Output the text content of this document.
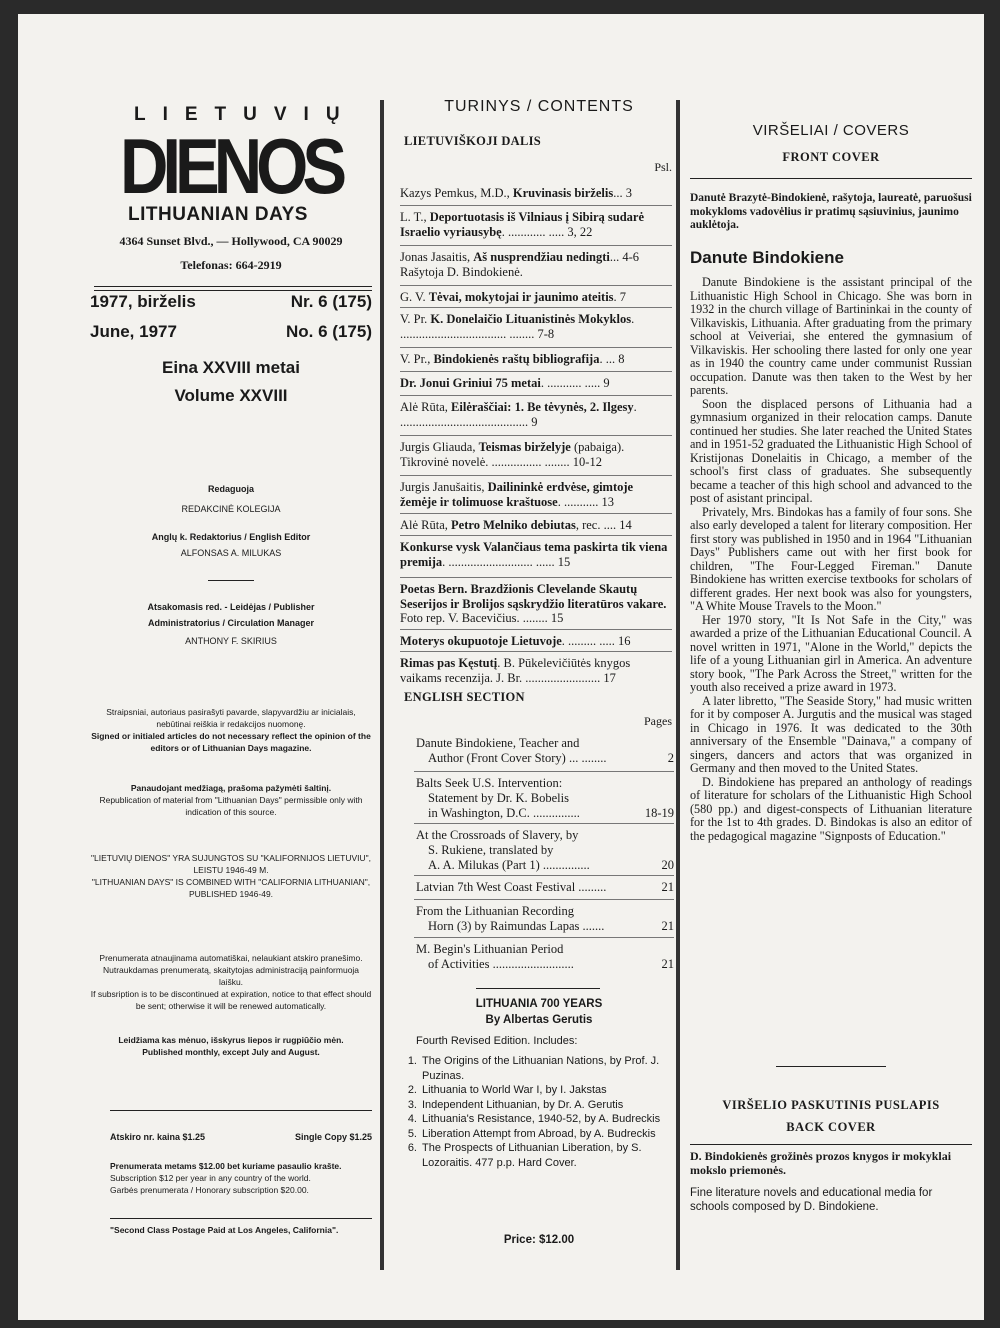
LIETUVIŲ
DIENOS
LITHUANIAN DAYS
4364 Sunset Blvd., — Hollywood, CA 90029
Telefonas: 664-2919
1977, birželis	Nr. 6 (175)
June, 1977	No. 6 (175)
Eina XXVIII metai
Volume XXVIII
Redaguoja
REDAKCINĖ KOLEGIJA
Anglų k. Redaktorius / English Editor
ALFONSAS A. MILUKAS
Atsakomasis red. - Leidėjas / Publisher
Administratorius / Circulation Manager
ANTHONY F. SKIRIUS
Straipsniai, autoriaus pasirašyti pavarde, slapyvardžiu ar inicialais, nebūtinai reiškia ir redakcijos nuomonę.
Signed or initialed articles do not necessary reflect the opinion of the editors or of Lithuanian Days magazine.
Panaudojant medžiagą, prašoma pažymėti šaltinį.
Republication of material from "Lithuanian Days" permissible only with indication of this source.
"LIETUVIŲ DIENOS" YRA SUJUNGTOS SU "KALIFORNIJOS LIETUVIU", LEISTU 1946-49 M.
"LITHUANIAN DAYS" IS COMBINED WITH "CALIFORNIA LITHUANIAN", PUBLISHED 1946-49.
Prenumerata atnaujinama automatiškai, nelaukiant atskiro pranešimo. Nutraukdamas prenumeratą, skaitytojas administraciją painformuoja laišku.
If subsription is to be discontinued at expiration, notice to that effect should be sent; otherwise it will be renewed automatically.
Leidžiama kas mėnuo, išskyrus liepos ir rugpiūčio mėn.
Published monthly, except July and August.
Atskiro nr. kaina $1.25	Single Copy $1.25
Prenumerata metams $12.00 bet kuriame pasaulio krašte.
Subscription $12 per year in any country of the world.
Garbės prenumerata / Honorary subscription $20.00.
"Second Class Postage Paid at Los Angeles, California".
TURINYS / CONTENTS
LIETUVIŠKOJI DALIS
Psl.
Kazys Pemkus, M.D., Kruvinasis birželis... 3
L. T., Deportuotasis iš Vilniaus į Sibirą sudarė Israelio vyriausybę. ............ ..... 3, 22
Jonas Jasaitis, Aš nusprendžiau nedingti... 4-6 Rašytoja D. Bindokienė.
G. V. Tėvai, mokytojai ir jaunimo ateitis. 7
V. Pr. K. Donelaičio Lituanistinės Mokyklos. .................................. ........ 7-8
V. Pr., Bindokienės raštų bibliografija. ... 8
Dr. Jonui Griniui 75 metai. ........... ..... 9
Alė Rūta, Eilėraščiai: 1. Be tėvynės, 2. Ilgesy. ......................................... 9
Jurgis Gliauda, Teismas birželyje (pabaiga). Tikrovinė novelė. ................ ........ 10-12
Jurgis Janušaitis, Dailininkė erdvėse, gimtoje žemėje ir tolimuose kraštuose. ........... 13
Alė Rūta, Petro Melniko debiutas, rec. .... 14
Konkurse vysk Valančiaus tema paskirta tik viena premija. ........................... ...... 15
Poetas Bern. Brazdžionis Clevelande Skautų Seserijos ir Brolijos sąskrydžio literatūros vakare. Foto rep. V. Bacevičius. ........ 15
Moterys okupuotoje Lietuvoje. ......... ..... 16
Rimas pas Kęstutį. B. Pūkelevičiūtės knygos vaikams recenzija. J. Br. ........................ 17
ENGLISH SECTION
Pages
Danute Bindokiene, Teacher and
Author (Front Cover Story) ... ........	2
Balts Seek U.S. Intervention:
Statement by Dr. K. Bobelis
in Washington, D.C. ...............	18-19
At the Crossroads of Slavery, by
S. Rukiene, translated by
A. A. Milukas (Part 1) ...............	20
Latvian 7th West Coast Festival .........	21
From the Lithuanian Recording
Horn (3) by Raimundas Lapas .......	21
M. Begin's Lithuanian Period
of Activities ..........................	21
LITHUANIA 700 YEARS
By Albertas Gerutis
Fourth Revised Edition. Includes:
1. The Origins of the Lithuanian Nations, by Prof. J. Puzinas.
2. Lithuania to World War I, by I. Jakstas
3. Independent Lithuanian, by Dr. A. Gerutis
4. Lithuania's Resistance, 1940-52, by A. Budreckis
5. Liberation Attempt from Abroad, by A. Budreckis
6. The Prospects of Lithuanian Liberation, by S. Lozoraitis. 477 p.p. Hard Cover.
Price: $12.00
VIRŠELIAI / COVERS
FRONT COVER
Danutė Brazytė-Bindokienė, rašytoja, laureatė, paruošusi mokykloms vadovėlius ir pratimų sąsiuvinius, jaunimo auklėtoja.
Danute Bindokiene

Danute Bindokiene is the assistant principal of the Lithuanistic High School in Chicago. She was born in 1932 in the church village of Bartininkai in the county of Vilkaviskis, Lithuania. After graduating from the primary school at Veiveriai, she entered the gymnasium of Vilkaviskis. Her schooling there lasted for only one year as in 1940 the country came under communist Russian occupation. Danute was then taken to the West by her parents.

Soon the displaced persons of Lithuania had a gymnasium organized in their relocation camps. Danute continued her studies. She later reached the United States and in 1951-52 graduated the Lithuanistic High School of Kristijonas Donelaitis in Chicago, a member of the school's first class of graduates. She subsequently became a teacher of this high school and advanced to the post of asistant principal.

Privately, Mrs. Bindokas has a family of four sons. She also early developed a talent for literary composition. Her first story was published in 1950 and in 1964 "Lithuanian Days" Publishers came out with her first book for children, "The Four-Legged Fireman." Danute Bindokiene has written exercise textbooks for scholars of different grades. Her next book was also for youngsters, "A White Mouse Travels to the Moon."

Her 1970 story, "It Is Not Safe in the City," was awarded a prize of the Lithuanian Educational Council. A novel written in 1971, "Alone in the World," depicts the life of a young Lithuanian girl in America. An adventure story book, "The Park Across the Street," written for the youth also received a prize award in 1973.

A later libretto, "The Seaside Story," had music written for it by composer A. Jurgutis and the musical was staged in Chicago in 1976. It was dedicated to the 30th anniversary of the Ensemble "Dainava," a company of singers, dancers and actors that was organized in Germany and then moved to the United States.

D. Bindokiene has prepared an anthology of readings of literature for scholars of the Lithuanistic High School (580 pp.) and digest-conspects of Lithuanian literature for the 1st to 4th grades. D. Bindokas is also an editor of the pedagogical magazine "Signposts of Education."

VIRŠELIO PASKUTINIS PUSLAPIS
BACK COVER
D. Bindokienės grožinės prozos knygos ir mokyklai mokslo priemonės.
Fine literature novels and educational media for schools composed by D. Bindokiene.
